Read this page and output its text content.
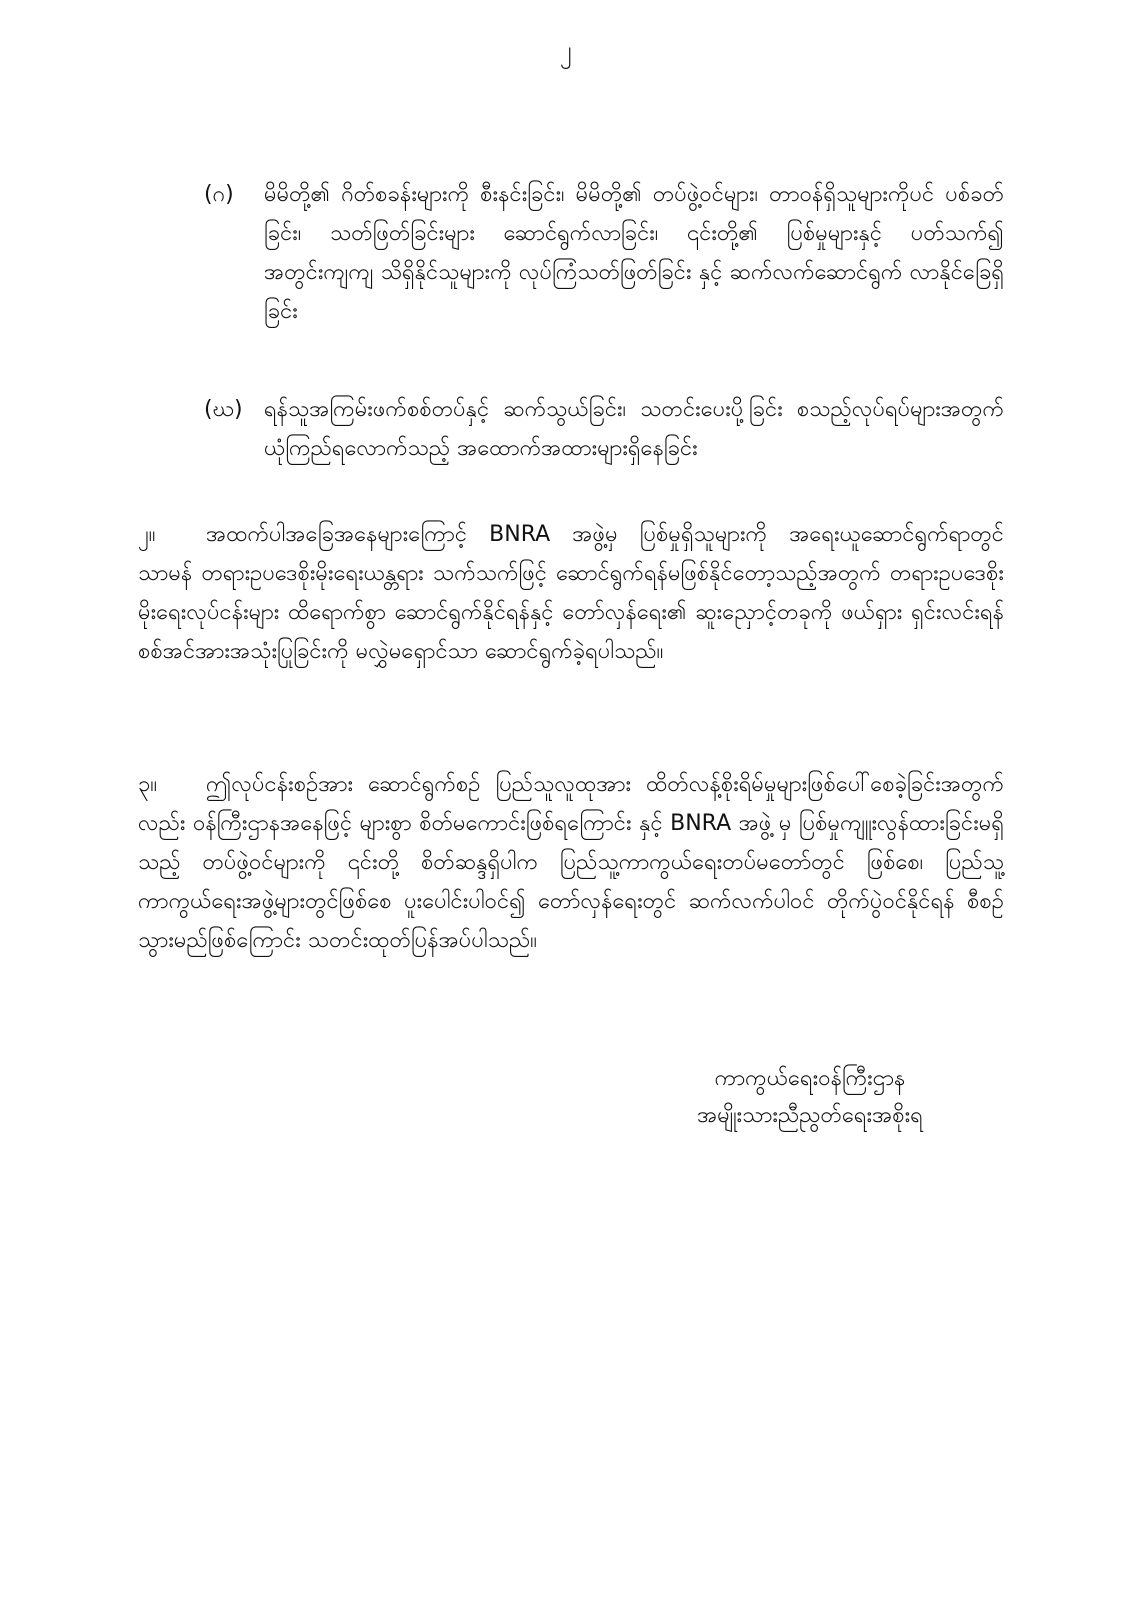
၂
(ဂ)	မိမိတို့၏ ဂိတ်စခန်းများကို စီးနင်းခြင်း၊ မိမိတို့၏ တပ်ဖွဲ့ဝင်များ၊ တာဝန်ရှိသူများကိုပင် ပစ်ခတ်ခြင်း၊ သတ်ဖြတ်ခြင်းများ ဆောင်ရွက်လာခြင်း၊ ၎င်းတို့၏ ပြစ်မှုများနှင့် ပတ်သက်၍ အတွင်းကျကျ သိရှိနိုင်သူများကို လုပ်ကြံသတ်ဖြတ်ခြင်း နှင့် ဆက်လက်ဆောင်ရွက် လာနိုင်ခြေရှိခြင်း
(ဃ) ရန်သူအကြမ်းဖက်စစ်တပ်နှင့် ဆက်သွယ်ခြင်း၊ သတင်းပေးပို့ခြင်း စသည့်လုပ်ရပ်များအတွက် ယုံကြည်ရလောက်သည့် အထောက်အထားများရှိနေခြင်း
၂။ အထက်ပါအခြေအနေများကြောင့် BNRA အဖွဲ့မှ ပြစ်မှုရှိသူများကို အရေးယူဆောင်ရွက်ရာတွင် သာမန် တရားဥပဒေစိုးမိုးရေးယန္တရား သက်သက်ဖြင့် ဆောင်ရွက်ရန်မဖြစ်နိုင်တော့သည့်အတွက် တရားဥပဒေစိုးမိုးရေးလုပ်ငန်းများ ထိရောက်စွာ ဆောင်ရွက်နိုင်ရန်နှင့် တော်လှန်ရေး၏ ဆူးညှောင့်တခုကို ဖယ်ရှား ရှင်းလင်းရန် စစ်အင်အားအသုံးပြုခြင်းကို မလွှဲမရှောင်သာ ဆောင်ရွက်ခဲ့ရပါသည်။
၃။ ဤလုပ်ငန်းစဉ်အား ဆောင်ရွက်စဉ် ပြည်သူလူထုအား ထိတ်လန့်စိုးရိမ်မှုများဖြစ်ပေါ်စေခဲ့ခြင်းအတွက်လည်း ဝန်ကြီးဌာနအနေဖြင့် များစွာ စိတ်မကောင်းဖြစ်ရကြောင်း နှင့် BNRA အဖွဲ့ မှ ပြစ်မှုကျူးလွန်ထားခြင်းမရှိသည့် တပ်ဖွဲ့ဝင်များကို ၎င်းတို့ စိတ်ဆန္ဒရှိပါက ပြည်သူ့ကာကွယ်ရေးတပ်မတော်တွင် ဖြစ်စေ၊ ပြည်သူ့ကာကွယ်ရေးအဖွဲ့များတွင်ဖြစ်စေ ပူးပေါင်းပါဝင်၍ တော်လှန်ရေးတွင် ဆက်လက်ပါဝင် တိုက်ပွဲဝင်နိုင်ရန် စီစဉ်သွားမည်ဖြစ်ကြောင်း သတင်းထုတ်ပြန်အပ်ပါသည်။
ကာကွယ်ရေးဝန်ကြီးဌာန
အမျိုးသားညီညွတ်ရေးအစိုးရ
